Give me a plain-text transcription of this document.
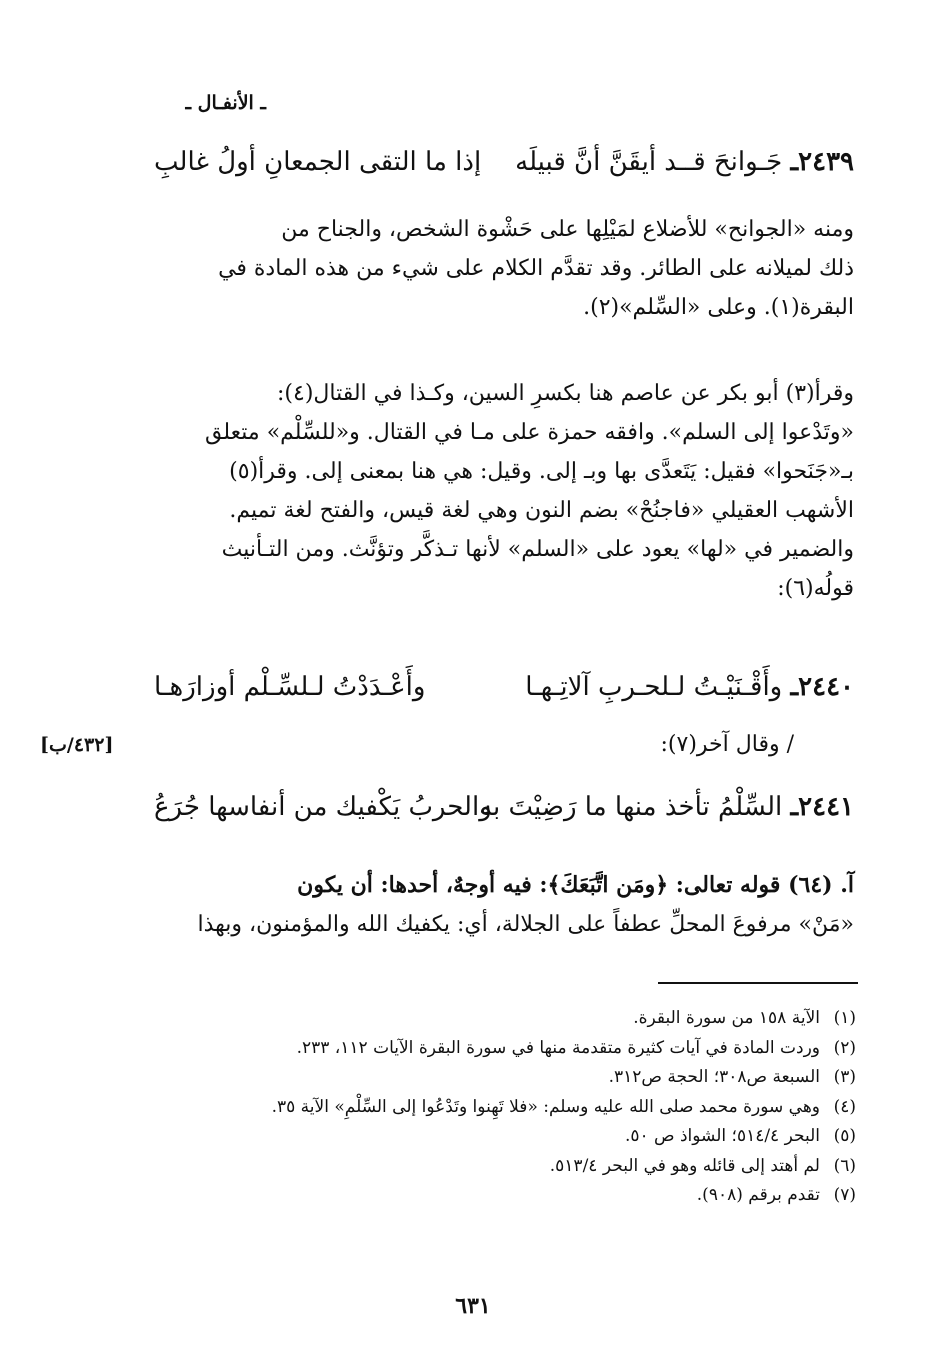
ـ الأنفـال ـ
٢٤٣٩ـ جَـوانحَ قــد أيقَنَّ أنَّ قبيلَه
إذا ما التقى الجمعانِ أولُ غالبِ

ومنه «الجوانح» للأضلاع لمَيْلِها على حَشْوة الشخص، والجناح من

ذلك لميلانه على الطائر. وقد تقدَّم الكلام على شيء من هذه المادة في

البقرة(١). وعلى «السِّلم»(٢).

وقرأ(٣) أبو بكر عن عاصم هنا بكسرِ السين، وكـذا في القتال(٤):

«وتَدْعوا إلى السلم». وافقه حمزة على مـا في القتال. و«للسِّلْم» متعلق

بـ«جَنَحوا» فقيل: يَتَعدَّى بها وبـ إلى. وقيل: هي هنا بمعنى إلى. وقرأ(٥)

الأشهب العقيلي «فاجنُحْ» بضم النون وهي لغة قيس، والفتح لغة تميم.

والضمير في «لها» يعود على «السلم» لأنها تـذكَّر وتؤنَّث. ومن التـأنيث

قولُه(٦):

٢٤٤٠ـ وأَقْـنَيْـتُ لـلحـربِ آلاتِـهـا
وأَعْـدَدْتُ لـلسِّـلْم أوزارَهـا
/ وقال آخر(٧):
[٤٣٢/ب]
٢٤٤١ـ السِّلْمُ تأخذ منها ما رَضِيْتَ به
والحربُ يَكْفيك من أنفاسها جُرَعُ

آ. (٦٤) قوله تعالى: ﴿ومَن اتَّبَعَكَ﴾: فيه أوجهٌ، أحدها: أن يكون

«مَنْ» مرفوعَ المحلِّ عطفاً على الجلالة، أي: يكفيك الله والمؤمنون، وبهذا

(١)
الآية ١٥٨ من سورة البقرة.
(٢)
وردت المادة في آيات كثيرة متقدمة منها في سورة البقرة الآيات ١١٢، ٢٣٣.
(٣)
السبعة ص٣٠٨؛ الحجة ص٣١٢.
(٤)
وهي سورة محمد صلى الله عليه وسلم: «فلا تَهِنوا وتَدْعُوا إلى السِّلْمِ» الآية ٣٥.
(٥)
البحر ٥١٤/٤؛ الشواذ ص ٥٠.
(٦)
لم أهتد إلى قائله وهو في البحر ٥١٣/٤.
(٧)
تقدم برقم (٩٠٨).
٦٣١
